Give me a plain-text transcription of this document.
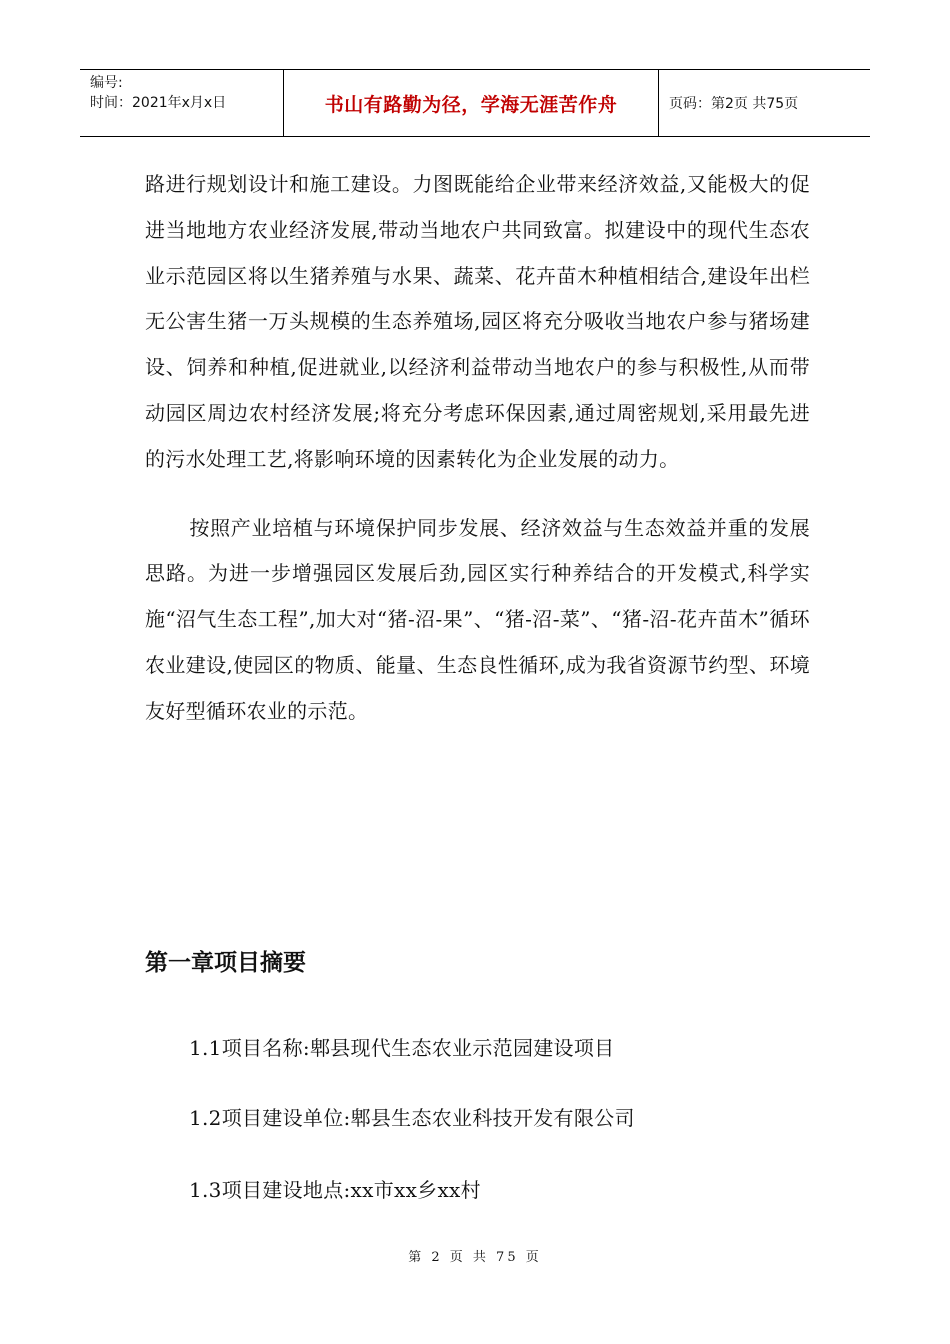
编号:
时间：2021年x月x日	书山有路勤为径，学海无涯苦作舟	页码：第2页 共75页

路进行规划设计和施工建设。力图既能给企业带来经济效益,又能极大的促进当地地方农业经济发展,带动当地农户共同致富。拟建设中的现代生态农业示范园区将以生猪养殖与水果、蔬菜、花卉苗木种植相结合,建设年出栏无公害生猪一万头规模的生态养殖场,园区将充分吸收当地农户参与猪场建设、饲养和种植,促进就业,以经济利益带动当地农户的参与积极性,从而带动园区周边农村经济发展;将充分考虑环保因素,通过周密规划,采用最先进的污水处理工艺,将影响环境的因素转化为企业发展的动力。

按照产业培植与环境保护同步发展、经济效益与生态效益并重的发展思路。为进一步增强园区发展后劲,园区实行种养结合的开发模式,科学实施“沼气生态工程”,加大对“猪-沼-果”、“猪-沼-菜”、“猪-沼-花卉苗木”循环农业建设,使园区的物质、能量、生态良性循环,成为我省资源节约型、环境友好型循环农业的示范。

第一章项目摘要

1.1项目名称:郫县现代生态农业示范园建设项目

1.2项目建设单位:郫县生态农业科技开发有限公司

1.3项目建设地点:xx市xx乡xx村

第 2 页 共 75 页
